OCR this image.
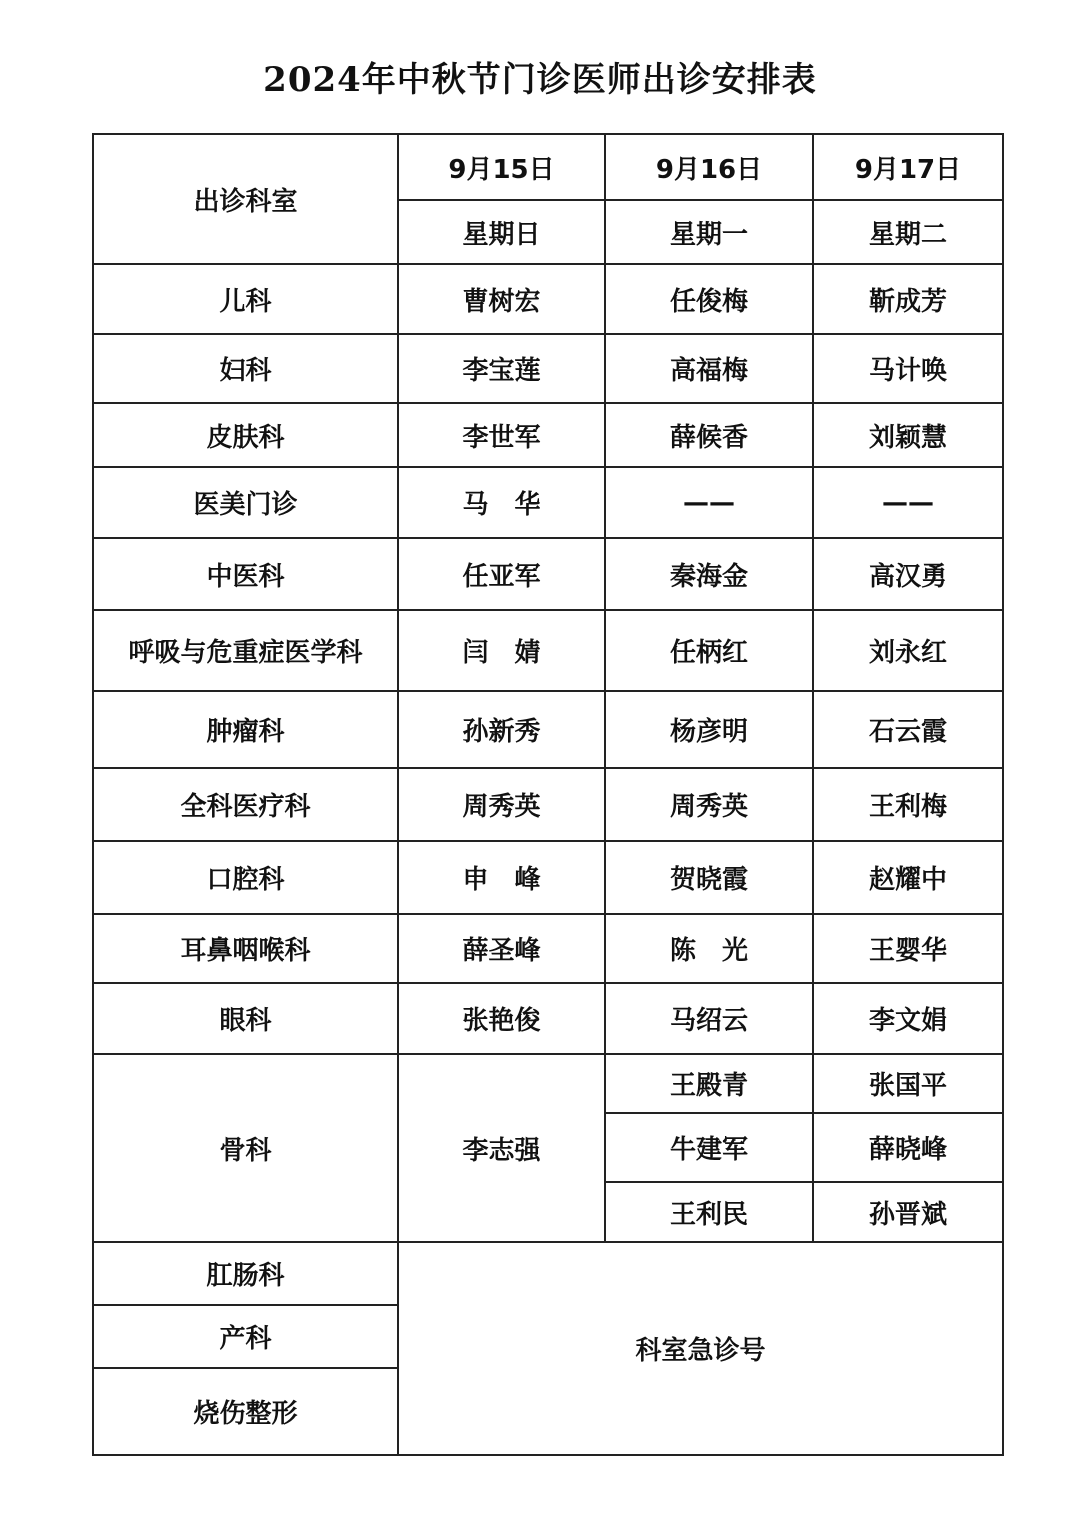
2024年中秋节门诊医师出诊安排表
出诊科室	9月15日	9月16日	9月17日
	星期日	星期一	星期二
儿科	曹树宏	任俊梅	靳成芳
妇科	李宝莲	高福梅	马计唤
皮肤科	李世军	薛候香	刘颖慧
医美门诊	马　华	——	——
中医科	任亚军	秦海金	高汉勇
呼吸与危重症医学科	闫　婧	任柄红	刘永红
肿瘤科	孙新秀	杨彦明	石云霞
全科医疗科	周秀英	周秀英	王利梅
口腔科	申　峰	贺晓霞	赵耀中
耳鼻咽喉科	薛圣峰	陈　光	王婴华
眼科	张艳俊	马绍云	李文娟
骨科	李志强	王殿青	张国平
		牛建军	薛晓峰
		王利民	孙晋斌
肛肠科	科室急诊号		
产科			
烧伤整形			
